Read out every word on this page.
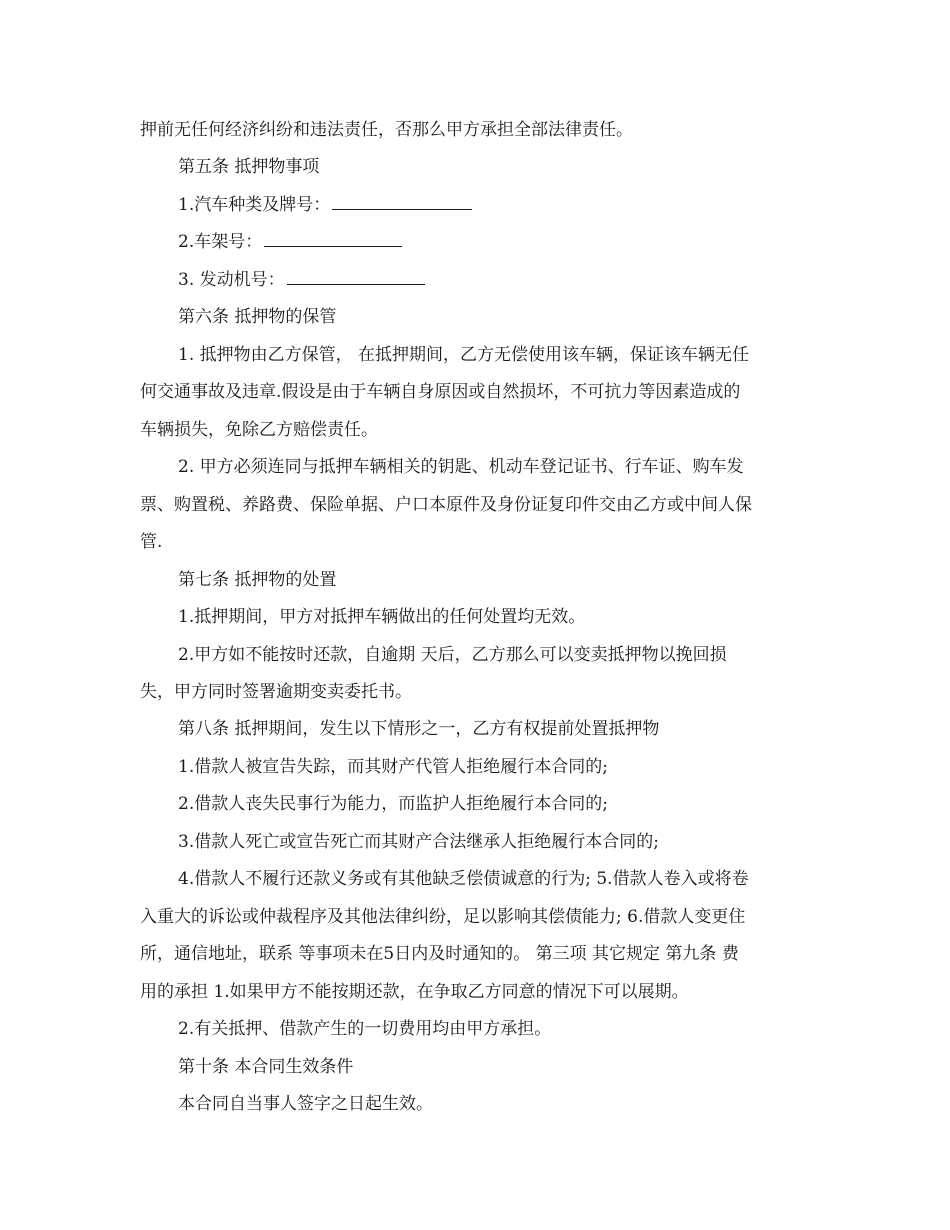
押前无任何经济纠纷和违法责任，否那么甲方承担全部法律责任。
第五条 抵押物事项
1.汽车种类及牌号：
2.车架号：
3. 发动机号：
第六条 抵押物的保管
1. 抵押物由乙方保管， 在抵押期间，乙方无偿使用该车辆，保证该车辆无任
何交通事故及违章.假设是由于车辆自身原因或自然损坏，不可抗力等因素造成的
车辆损失，免除乙方赔偿责任。
2. 甲方必须连同与抵押车辆相关的钥匙、机动车登记证书、行车证、购车发
票、购置税、养路费、保险单据、户口本原件及身份证复印件交由乙方或中间人保
管.
第七条 抵押物的处置
1.抵押期间，甲方对抵押车辆做出的任何处置均无效。
2.甲方如不能按时还款，自逾期 天后，乙方那么可以变卖抵押物以挽回损
失，甲方同时签署逾期变卖委托书。
第八条 抵押期间，发生以下情形之一，乙方有权提前处置抵押物
1.借款人被宣告失踪，而其财产代管人拒绝履行本合同的;
2.借款人丧失民事行为能力，而监护人拒绝履行本合同的;
3.借款人死亡或宣告死亡而其财产合法继承人拒绝履行本合同的;
4.借款人不履行还款义务或有其他缺乏偿债诚意的行为; 5.借款人卷入或将卷
入重大的诉讼或仲裁程序及其他法律纠纷，足以影响其偿债能力; 6.借款人变更住
所，通信地址，联系 等事项未在5日内及时通知的。 第三项 其它规定 第九条 费
用的承担 1.如果甲方不能按期还款，在争取乙方同意的情况下可以展期。
2.有关抵押、借款产生的一切费用均由甲方承担。
第十条 本合同生效条件
本合同自当事人签字之日起生效。
